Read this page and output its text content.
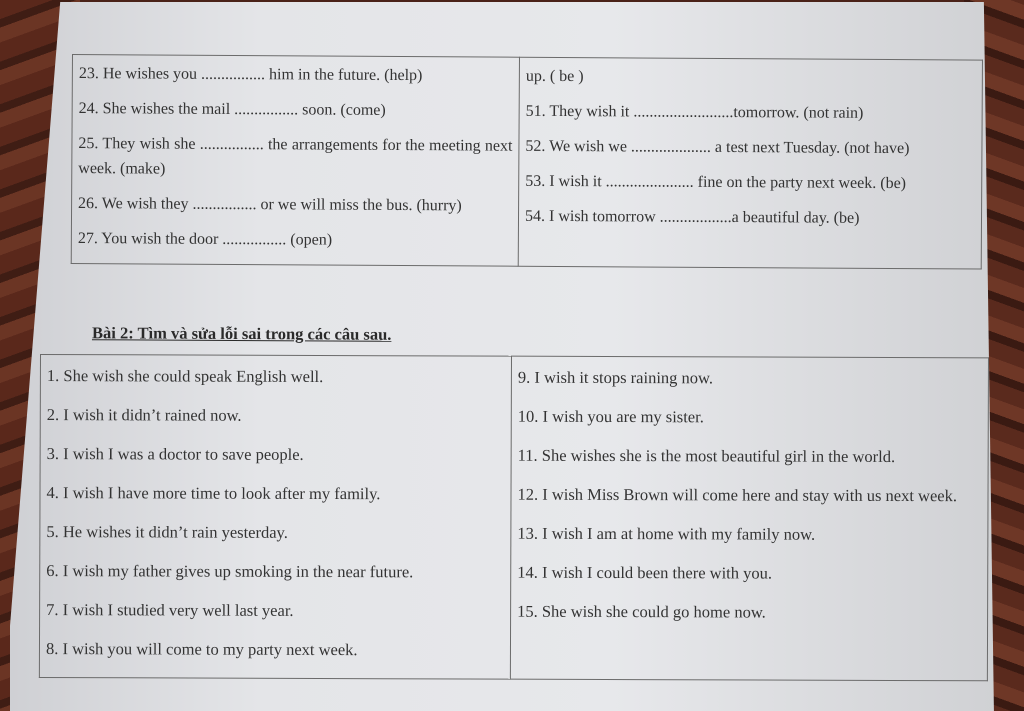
23. He wishes you ................ him in the future. (help)
24. She wishes the mail ................ soon. (come)
25. They wish she ................ the arrangements for the meeting next week. (make)
26. We wish they ................ or we will miss the bus. (hurry)
27. You wish the door ................ (open)

up. ( be )
51. They wish it .........................tomorrow. (not rain)
52. We wish we .................... a test next Tuesday. (not have)
53. I wish it ...................... fine on the party next week. (be)
54. I wish tomorrow ..................a beautiful day. (be)
Bài 2: Tìm và sửa lỗi sai trong các câu sau.
1. She wish she could speak English well.
2. I wish it didn’t rained now.
3. I wish I was a doctor to save people.
4. I wish I have more time to look after my family.
5. He wishes it didn’t rain yesterday.
6. I wish my father gives up smoking in the near future.
7. I wish I studied very well last year.
8. I wish you will come to my party next week.

9. I wish it stops raining now.
10. I wish you are my sister.
11. She wishes she is the most beautiful girl in the world.
12. I wish Miss Brown will come here and stay with us next week.
13. I wish I am at home with my family now.
14. I wish I could been there with you.
15. She wish she could go home now.
